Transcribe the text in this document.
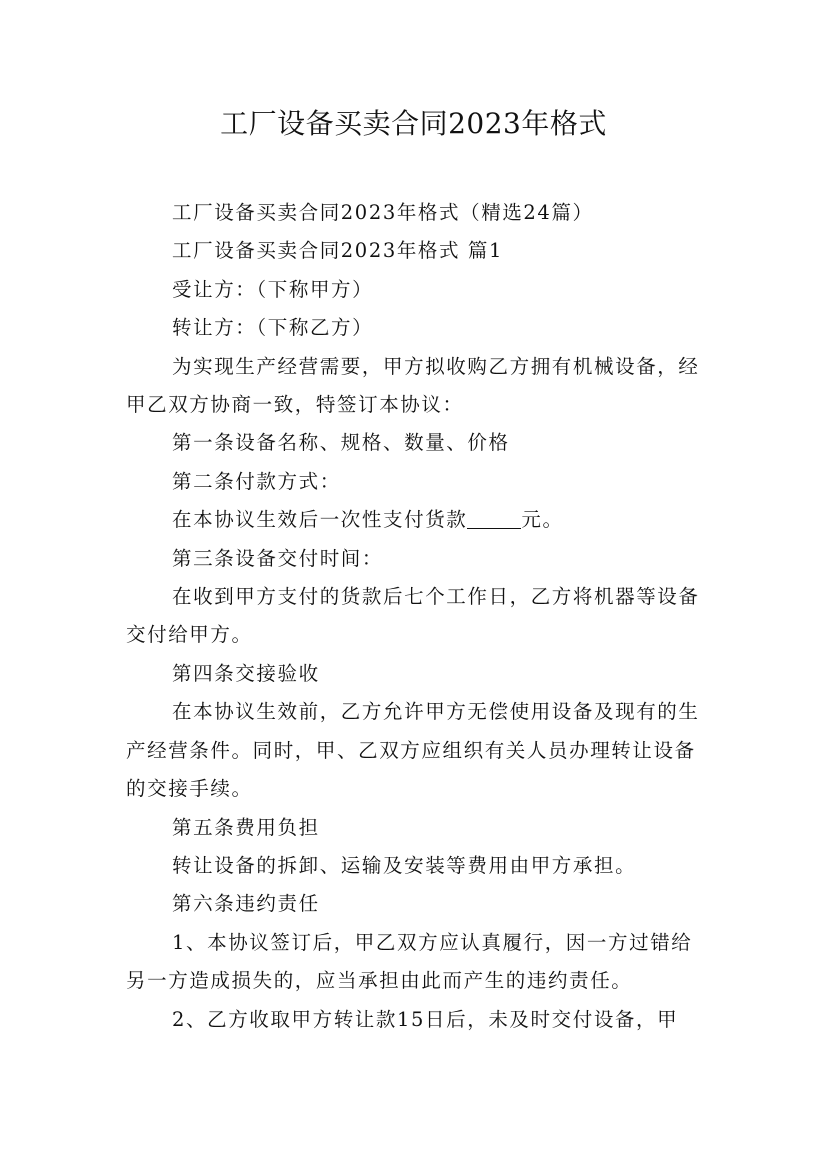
工厂设备买卖合同2023年格式

工厂设备买卖合同2023年格式（精选24篇）

工厂设备买卖合同2023年格式 篇1

受让方：（下称甲方）

转让方：（下称乙方）

为实现生产经营需要，甲方拟收购乙方拥有机械设备，经甲乙双方协商一致，特签订本协议：

第一条设备名称、规格、数量、价格

第二条付款方式：

在本协议生效后一次性支付货款	元。

第三条设备交付时间：

在收到甲方支付的货款后七个工作日，乙方将机器等设备交付给甲方。

第四条交接验收

在本协议生效前，乙方允许甲方无偿使用设备及现有的生产经营条件。同时，甲、乙双方应组织有关人员办理转让设备的交接手续。

第五条费用负担

转让设备的拆卸、运输及安装等费用由甲方承担。

第六条违约责任

1、本协议签订后，甲乙双方应认真履行，因一方过错给另一方造成损失的，应当承担由此而产生的违约责任。

2、乙方收取甲方转让款15日后，未及时交付设备，甲
